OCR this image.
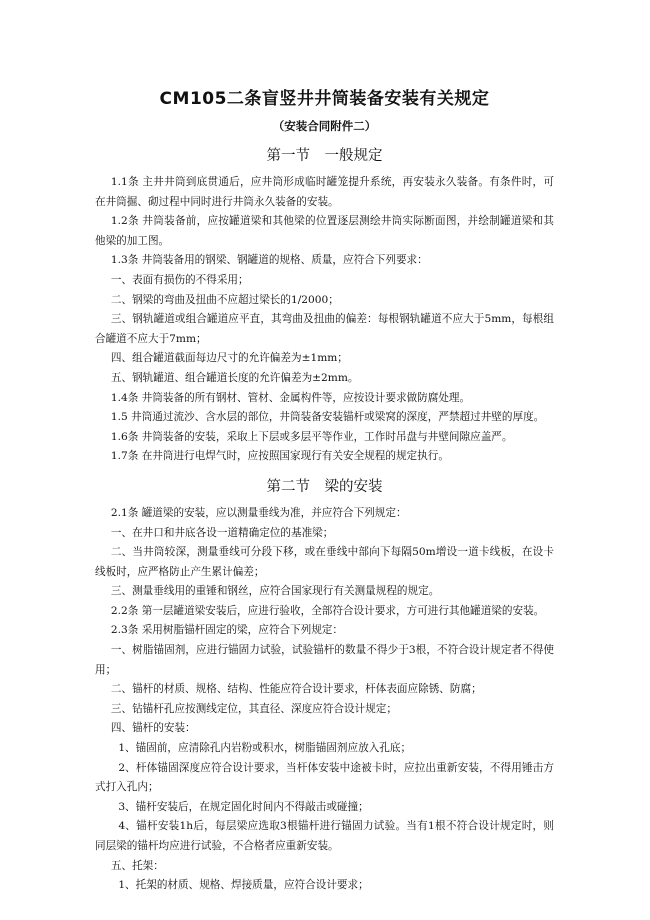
CM105二条盲竖井井筒装备安装有关规定
（安装合同附件二）
第一节　一般规定

1.1条 主井井筒到底贯通后，应井筒形成临时罐笼提升系统，再安装永久装备。有条件时，可在井筒掘、砌过程中同时进行井筒永久装备的安装。

1.2条 井筒装备前，应按罐道梁和其他梁的位置逐层测绘井筒实际断面图，并绘制罐道梁和其他梁的加工图。

1.3条 井筒装备用的钢梁、钢罐道的规格、质量，应符合下列要求：

一、表面有损伤的不得采用；

二、钢梁的弯曲及扭曲不应超过梁长的1/2000；

三、钢轨罐道或组合罐道应平直，其弯曲及扭曲的偏差：每根钢轨罐道不应大于5mm，每根组合罐道不应大于7mm；

四、组合罐道截面每边尺寸的允许偏差为±1mm；

五、钢轨罐道、组合罐道长度的允许偏差为±2mm。

1.4条 井筒装备的所有钢材、管材、金属构件等，应按设计要求做防腐处理。

1.5 井筒通过流沙、含水层的部位，井筒装备安装锚杆或梁窝的深度，严禁超过井壁的厚度。

1.6条 井筒装备的安装，采取上下层或多层平等作业，工作时吊盘与井壁间隙应盖严。

1.7条 在井筒进行电焊气时，应按照国家现行有关安全规程的规定执行。

第二节　梁的安装

2.1条 罐道梁的安装，应以测量垂线为准，并应符合下列规定：

一、在井口和井底各设一道精确定位的基准梁；

二、当井筒较深，测量垂线可分段下移，或在垂线中部向下每隔50m增设一道卡线板，在设卡线板时，应严格防止产生累计偏差；

三、测量垂线用的重锤和钢丝，应符合国家现行有关测量规程的规定。

2.2条 第一层罐道梁安装后，应进行验收，全部符合设计要求，方可进行其他罐道梁的安装。

2.3条 采用树脂锚杆固定的梁，应符合下列规定：

一、树脂锚固剂，应进行锚固力试验，试验锚杆的数量不得少于3根，不符合设计规定者不得使用；

二、锚杆的材质、规格、结构、性能应符合设计要求，杆体表面应除锈、防腐；

三、钻锚杆孔应按测线定位，其直径、深度应符合设计规定；

四、锚杆的安装：

1、锚固前，应清除孔内岩粉或积水，树脂锚固剂应放入孔底；

2、杆体锚固深度应符合设计要求，当杆体安装中途被卡时，应拉出重新安装，不得用锤击方式打入孔内；

3、锚杆安装后，在规定固化时间内不得敲击或碰撞；

4、锚杆安装1h后，每层梁应选取3根锚杆进行锚固力试验。当有1根不符合设计规定时，则同层梁的锚杆均应进行试验，不合格者应重新安装。

五、托架：

1、托架的材质、规格、焊接质量，应符合设计要求；
